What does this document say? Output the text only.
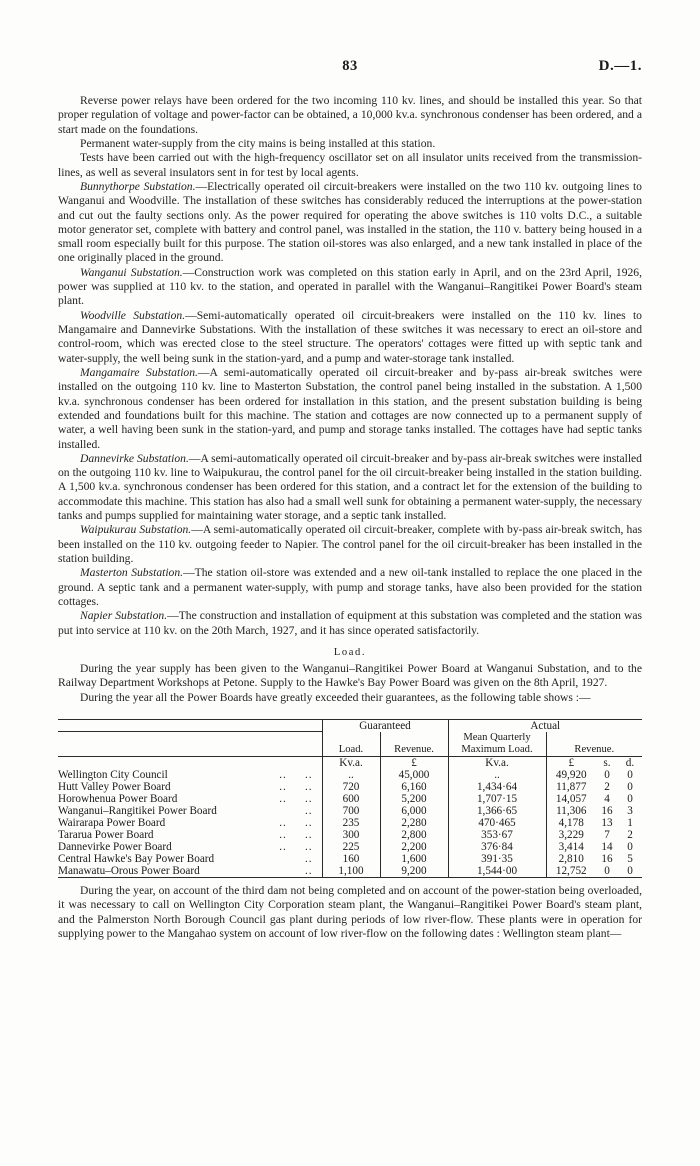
83	D.—1.

Reverse power relays have been ordered for the two incoming 110 kv. lines, and should be installed this year. So that proper regulation of voltage and power-factor can be obtained, a 10,000 kv.a. synchronous condenser has been ordered, and a start made on the foundations.

Permanent water-supply from the city mains is being installed at this station.

Tests have been carried out with the high-frequency oscillator set on all insulator units received from the transmission-lines, as well as several insulators sent in for test by local agents.

Bunnythorpe Substation.—Electrically operated oil circuit-breakers were installed on the two 110 kv. outgoing lines to Wanganui and Woodville. The installation of these switches has considerably reduced the interruptions at the power-station and cut out the faulty sections only. As the power required for operating the above switches is 110 volts D.C., a suitable motor generator set, complete with battery and control panel, was installed in the station, the 110 v. battery being housed in a small room especially built for this purpose. The station oil-stores was also enlarged, and a new tank installed in place of the one originally placed in the ground.

Wanganui Substation.—Construction work was completed on this station early in April, and on the 23rd April, 1926, power was supplied at 110 kv. to the station, and operated in parallel with the Wanganui–Rangitikei Power Board's steam plant.

Woodville Substation.—Semi-automatically operated oil circuit-breakers were installed on the 110 kv. lines to Mangamaire and Dannevirke Substations. With the installation of these switches it was necessary to erect an oil-store and control-room, which was erected close to the steel structure. The operators' cottages were fitted up with septic tank and water-supply, the well being sunk in the station-yard, and a pump and water-storage tank installed.

Mangamaire Substation.—A semi-automatically operated oil circuit-breaker and by-pass air-break switches were installed on the outgoing 110 kv. line to Masterton Substation, the control panel being installed in the substation. A 1,500 kv.a. synchronous condenser has been ordered for installation in this station, and the present substation building is being extended and foundations built for this machine. The station and cottages are now connected up to a permanent supply of water, a well having been sunk in the station-yard, and pump and storage tanks installed. The cottages have had septic tanks installed.

Dannevirke Substation.—A semi-automatically operated oil circuit-breaker and by-pass air-break switches were installed on the outgoing 110 kv. line to Waipukurau, the control panel for the oil circuit-breaker being installed in the station building. A 1,500 kv.a. synchronous condenser has been ordered for this station, and a contract let for the extension of the building to accommodate this machine. This station has also had a small well sunk for obtaining a permanent water-supply, the necessary tanks and pumps supplied for maintaining water storage, and a septic tank installed.

Waipukurau Substation.—A semi-automatically operated oil circuit-breaker, complete with by-pass air-break switch, has been installed on the 110 kv. outgoing feeder to Napier. The control panel for the oil circuit-breaker has been installed in the station building.

Masterton Substation.—The station oil-store was extended and a new oil-tank installed to replace the one placed in the ground. A septic tank and a permanent water-supply, with pump and storage tanks, have also been provided for the station cottages.

Napier Substation.—The construction and installation of equipment at this substation was completed and the station was put into service at 110 kv. on the 20th March, 1927, and it has since operated satisfactorily.

Load.

During the year supply has been given to the Wanganui–Rangitikei Power Board at Wanganui Substation, and to the Railway Department Workshops at Petone. Supply to the Hawke's Bay Power Board was given on the 8th April, 1927.

During the year all the Power Boards have greatly exceeded their guarantees, as the following table shows :—

			Guaranteed		Actual			
			Load.	Revenue.	Mean Quarterly Maximum Load.	Revenue.		
			Kv.a.	£	Kv.a.	£	s.	d.
Wellington City Council	..	..	..	45,000	..	49,920	0	0
Hutt Valley Power Board	..	..	720	6,160	1,434·64	11,877	2	0
Horowhenua Power Board	..	..	600	5,200	1,707·15	14,057	4	0
Wanganui–Rangitikei Power Board		..	700	6,000	1,366·65	11,306	16	3
Wairarapa Power Board	..	..	235	2,280	470·465	4,178	13	1
Tararua Power Board	..	..	300	2,800	353·67	3,229	7	2
Dannevirke Power Board	..	..	225	2,200	376·84	3,414	14	0
Central Hawke's Bay Power Board		..	160	1,600	391·35	2,810	16	5
Manawatu–Orous Power Board		..	1,100	9,200	1,544·00	12,752	0	0

During the year, on account of the third dam not being completed and on account of the power-station being overloaded, it was necessary to call on Wellington City Corporation steam plant, the Wanganui–Rangitikei Power Board's steam plant, and the Palmerston North Borough Council gas plant during periods of low river-flow. These plants were in operation for supplying power to the Mangahao system on account of low river-flow on the following dates : Wellington steam plant—
